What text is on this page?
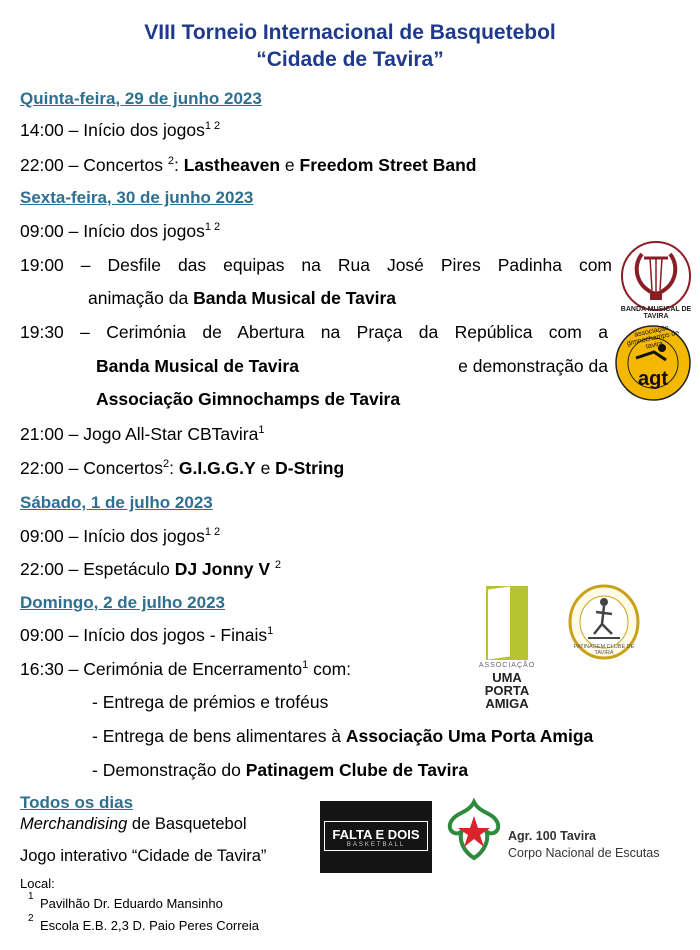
VIII Torneio Internacional de Basquetebol
“Cidade de Tavira”
Quinta-feira, 29 de junho 2023
14:00 – Início dos jogos$^{1 2}$
22:00 – Concertos $^2$: Lastheaven e Freedom Street Band
Sexta-feira, 30 de junho 2023
09:00 – Início dos jogos$^{1 2}$
19:00 – Desfile das equipas na Rua José Pires Padinha com
animação da Banda Musical de Tavira
19:30 – Cerimónia de Abertura na Praça da República com a
Banda Musical de Tavira	e demonstração da
Associação Gimnochamps de Tavira
21:00 – Jogo All-Star CBTavira$^1$
22:00 – Concertos$^2$: G.I.G.G.Y e D-String
Sábado, 1 de julho 2023
09:00 – Início dos jogos$^{1 2}$
22:00 – Espetáculo DJ Jonny V $^2$
Domingo, 2 de julho 2023
09:00 – Início dos jogos - Finais$^1$
16:30 – Cerimónia de Encerramento$^1$ com:
- Entrega de prémios e troféus
- Entrega de bens alimentares à Associação Uma Porta Amiga
- Demonstração do Patinagem Clube de Tavira
Todos os dias
Merchandising de Basquetebol
Jogo interativo “Cidade de Tavira”
Local:
1 Pavilhão Dr. Eduardo Mansinho
2 Escola E.B. 2,3 D. Paio Peres Correia
BANDA MUSICAL DE TAVIRA
associação gimnochamps de tavira
agt
ASSOCIAÇÃO
UMA
PORTA
AMIGA
PATINAGEM CLUBE DE TAVIRA
FALTA E DOIS
BASKETBALL
Agr. 100 Tavira
Corpo Nacional de Escutas
